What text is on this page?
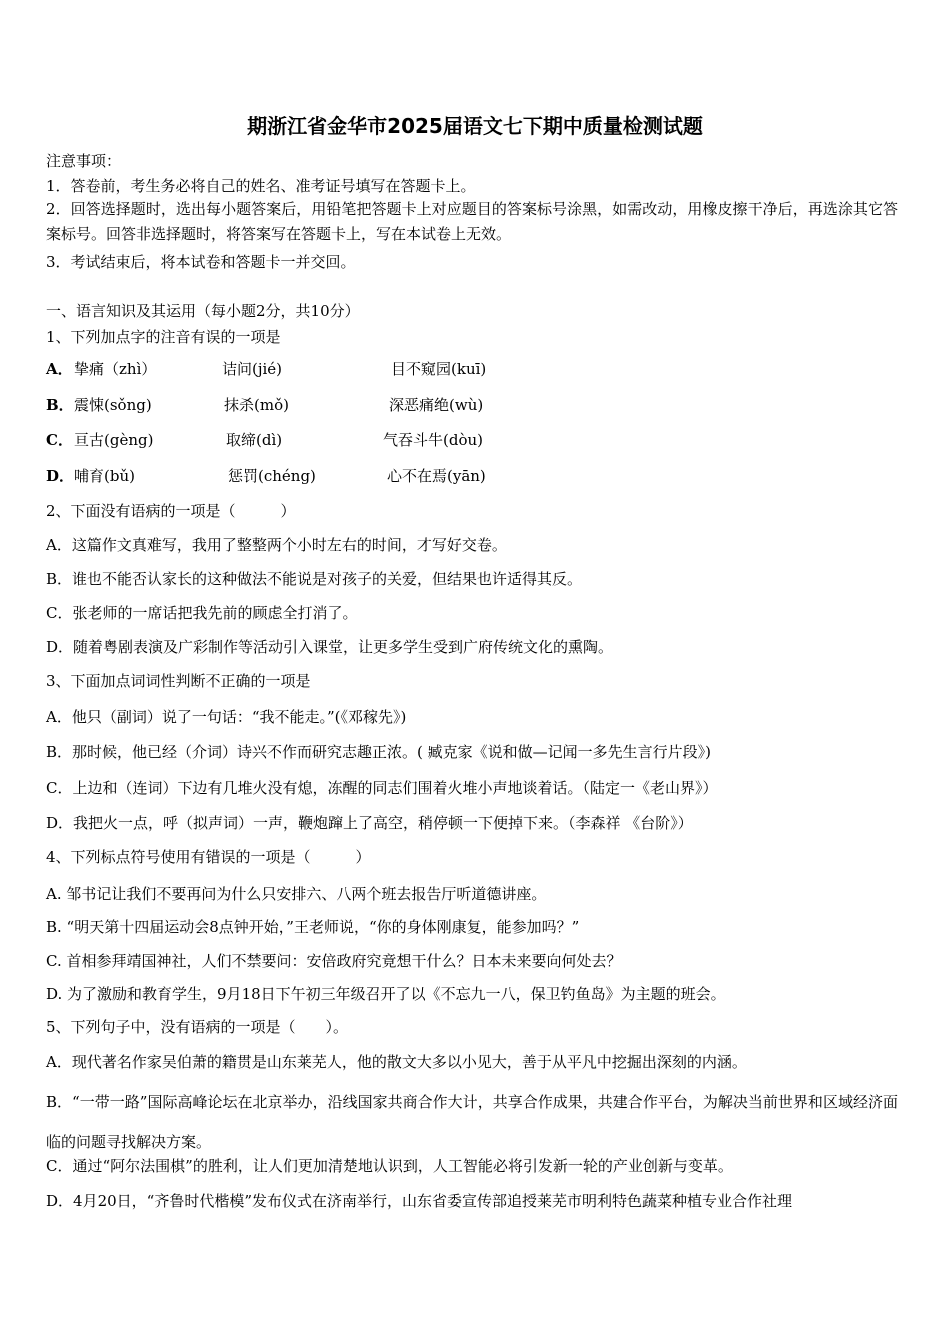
期浙江省金华市2025届语文七下期中质量检测试题
注意事项：
1．答卷前，考生务必将自己的姓名、准考证号填写在答题卡上。
2．回答选择题时，选出每小题答案后，用铅笔把答题卡上对应题目的答案标号涂黑，如需改动，用橡皮擦干净后，再选涂其它答案标号。回答非选择题时，将答案写在答题卡上，写在本试卷上无效。
3．考试结束后，将本试卷和答题卡一并交回。
一、语言知识及其运用（每小题2分，共10分）
1、下列加点字的注音有误的一项是
A． 挚痛（zhì）	诘问(jié)	目不窥园(kuī)
B． 震悚(sǒng)	抹杀(mǒ)	深恶痛绝(wù)
C． 亘古(gèng)	取缔(dì)	气吞斗牛(dòu)
D． 哺育(bǔ)	惩罚(chéng)	心不在焉(yān)
2、下面没有语病的一项是（　　　）
A．这篇作文真难写，我用了整整两个小时左右的时间，才写好交卷。
B．谁也不能否认家长的这种做法不能说是对孩子的关爱，但结果也许适得其反。
C．张老师的一席话把我先前的顾虑全打消了。
D．随着粤剧表演及广彩制作等活动引入课堂，让更多学生受到广府传统文化的熏陶。
3、下面加点词词性判断不正确的一项是
A．他只（副词）说了一句话：“我不能走。”(《邓稼先》)
B．那时候，他已经（介词）诗兴不作而研究志趣正浓。( 臧克家《说和做—记闻一多先生言行片段》)
C．上边和（连词）下边有几堆火没有熄，冻醒的同志们围着火堆小声地谈着话。（陆定一《老山界》）
D．我把火一点，呼（拟声词）一声，鞭炮蹿上了高空，稍停顿一下便掉下来。（李森祥 《台阶》）
4、下列标点符号使用有错误的一项是（　　　）
A. 邹书记让我们不要再问为什么只安排六、八两个班去报告厅听道德讲座。
B. “明天第十四届运动会8点钟开始，”王老师说，“你的身体刚康复，能参加吗？”
C. 首相参拜靖国神社，人们不禁要问：安倍政府究竟想干什么？日本未来要向何处去？
D. 为了激励和教育学生，9月18日下午初三年级召开了以《不忘九一八，保卫钓鱼岛》为主题的班会。
5、下列句子中，没有语病的一项是（　　）。
A．现代著名作家吴伯萧的籍贯是山东莱芜人，他的散文大多以小见大，善于从平凡中挖掘出深刻的内涵。
B．“一带一路”国际高峰论坛在北京举办，沿线国家共商合作大计，共享合作成果，共建合作平台，为解决当前世界和区域经济面临的问题寻找解决方案。
C．通过“阿尔法围棋”的胜利，让人们更加清楚地认识到，人工智能必将引发新一轮的产业创新与变革。
D．4月20日，“齐鲁时代楷模”发布仪式在济南举行，山东省委宣传部追授莱芜市明利特色蔬菜种植专业合作社理
